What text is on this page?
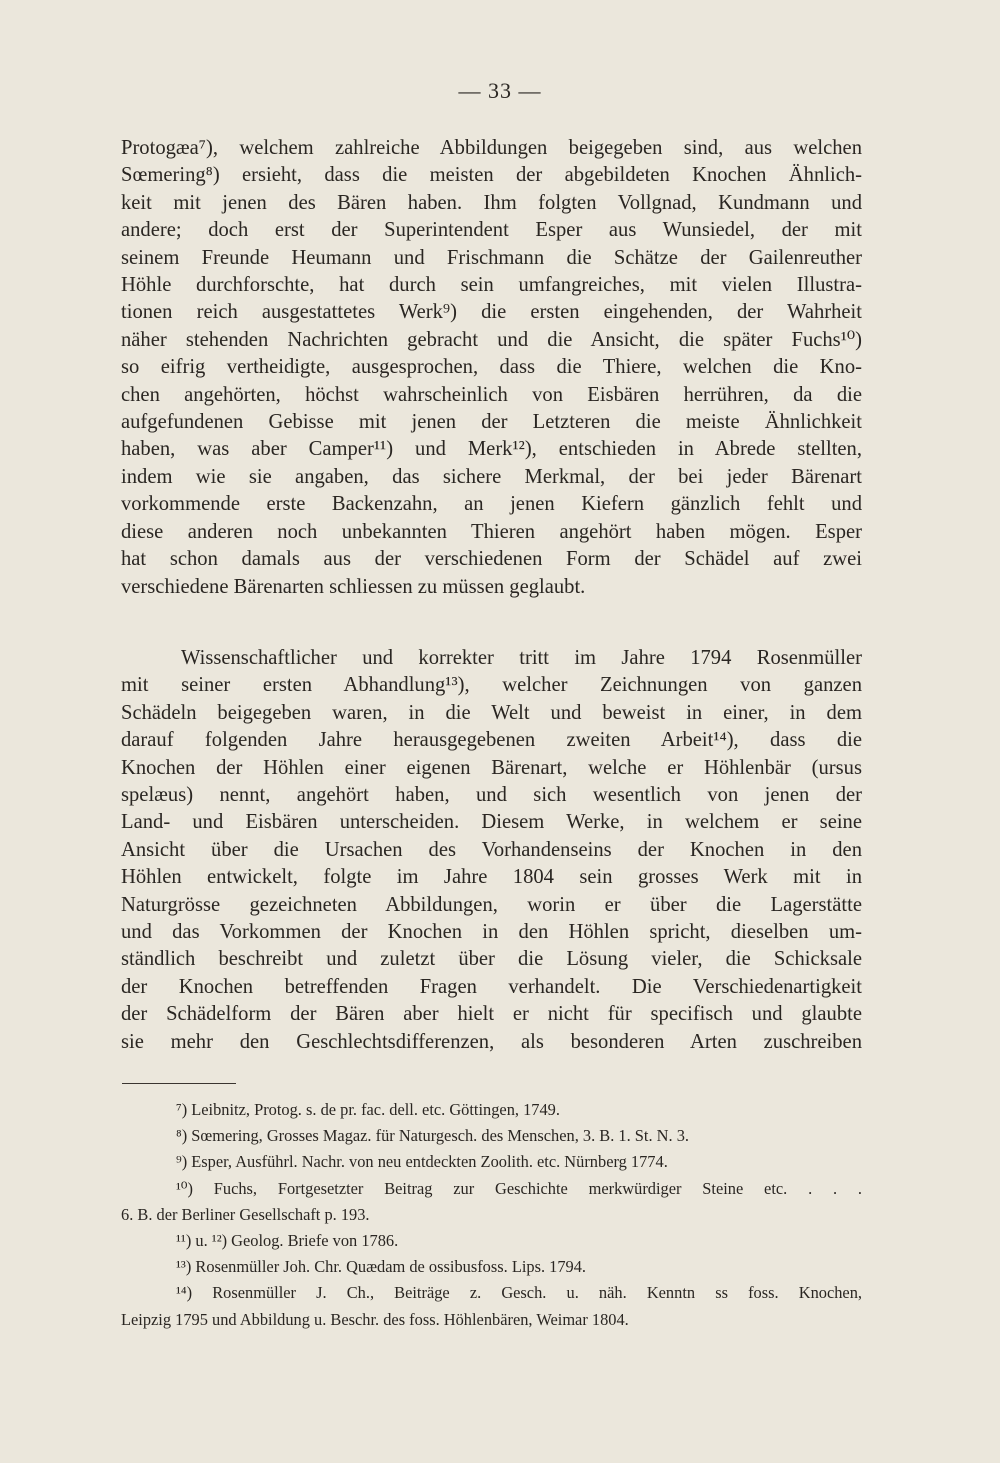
— 33 —

Protogæa⁷), welchem zahlreiche Abbildungen beigegeben sind, aus welchen
Sœmering⁸) ersieht, dass die meisten der abgebildeten Knochen Ähnlich-
keit mit jenen des Bären haben. Ihm folgten Vollgnad, Kundmann und
andere; doch erst der Superintendent Esper aus Wunsiedel, der mit
seinem Freunde Heumann und Frischmann die Schätze der Gailenreuther
Höhle durchforschte, hat durch sein umfangreiches, mit vielen Illustra-
tionen reich ausgestattetes Werk⁹) die ersten eingehenden, der Wahrheit
näher stehenden Nachrichten gebracht und die Ansicht, die später Fuchs¹⁰)
so eifrig vertheidigte, ausgesprochen, dass die Thiere, welchen die Kno-
chen angehörten, höchst wahrscheinlich von Eisbären herrühren, da die
aufgefundenen Gebisse mit jenen der Letzteren die meiste Ähnlichkeit
haben, was aber Camper¹¹) und Merk¹²), entschieden in Abrede stellten,
indem wie sie angaben, das sichere Merkmal, der bei jeder Bärenart
vorkommende erste Backenzahn, an jenen Kiefern gänzlich fehlt und
diese anderen noch unbekannten Thieren angehört haben mögen. Esper
hat schon damals aus der verschiedenen Form der Schädel auf zwei
verschiedene Bärenarten schliessen zu müssen geglaubt.

Wissenschaftlicher und korrekter tritt im Jahre 1794 Rosenmüller
mit seiner ersten Abhandlung¹³), welcher Zeichnungen von ganzen
Schädeln beigegeben waren, in die Welt und beweist in einer, in dem
darauf folgenden Jahre herausgegebenen zweiten Arbeit¹⁴), dass die
Knochen der Höhlen einer eigenen Bärenart, welche er Höhlenbär (ursus
spelæus) nennt, angehört haben, und sich wesentlich von jenen der
Land- und Eisbären unterscheiden. Diesem Werke, in welchem er seine
Ansicht über die Ursachen des Vorhandenseins der Knochen in den
Höhlen entwickelt, folgte im Jahre 1804 sein grosses Werk mit in
Naturgrösse gezeichneten Abbildungen, worin er über die Lagerstätte
und das Vorkommen der Knochen in den Höhlen spricht, dieselben um-
ständlich beschreibt und zuletzt über die Lösung vieler, die Schicksale
der Knochen betreffenden Fragen verhandelt. Die Verschiedenartigkeit
der Schädelform der Bären aber hielt er nicht für specifisch und glaubte
sie mehr den Geschlechtsdifferenzen, als besonderen Arten zuschreiben

⁷) Leibnitz, Protog. s. de pr. fac. dell. etc. Göttingen, 1749.
⁸) Sœmering, Grosses Magaz. für Naturgesch. des Menschen, 3. B. 1. St. N. 3.
⁹) Esper, Ausführl. Nachr. von neu entdeckten Zoolith. etc. Nürnberg 1774.
¹⁰) Fuchs, Fortgesetzter Beitrag zur Geschichte merkwürdiger Steine etc. . . .
6. B. der Berliner Gesellschaft p. 193.
¹¹) u. ¹²) Geolog. Briefe von 1786.
¹³) Rosenmüller Joh. Chr. Quædam de ossibusfoss. Lips. 1794.
¹⁴) Rosenmüller J. Ch., Beiträge z. Gesch. u. näh. Kenntn ss foss. Knochen,
Leipzig 1795 und Abbildung u. Beschr. des foss. Höhlenbären, Weimar 1804.
